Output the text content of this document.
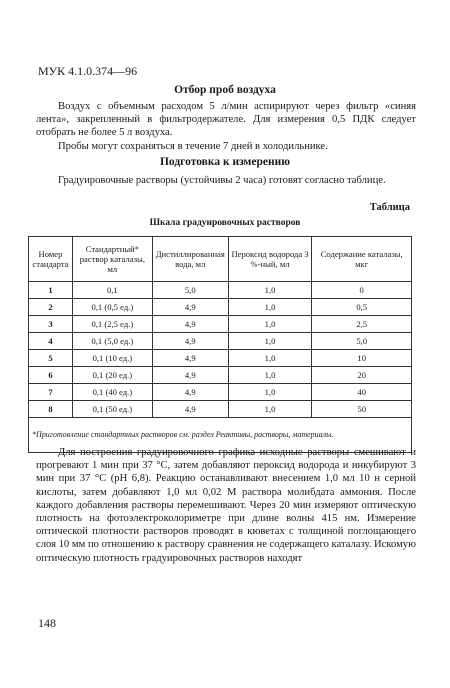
МУК 4.1.0.374—96
Отбор проб воздуха

Воздух с объемным расходом 5 л/мин аспирируют через фильтр «синяя лента», закрепленный в фильтродержателе. Для измерения 0,5 ПДК следует отобрать не более 5 л воздуха.

Пробы могут сохраняться в течение 7 дней в холодильнике.

Подготовка к измерению

Градуировочные растворы (устойчивы 2 часа) готовят согласно таблице.

Таблица
Шкала градуировочных растворов
Номер стандарта	Стандартный* раствор каталазы, мл	Дистиллированная вода, мл	Пероксид водорода 3 %-ный, мл	Содержание каталазы, мкг
1	0,1	5,0	1,0	0
2	0,1 (0,5 ед.)	4,9	1,0	0,5
3	0,1 (2,5 ед.)	4,9	1,0	2,5
4	0,1 (5,0 ед.)	4,9	1,0	5,0
5	0,1 (10 ед.)	4,9	1,0	10
6	0,1 (20 ед.)	4,9	1,0	20
7	0,1 (40 ед.)	4,9	1,0	40
8	0,1 (50 ед.)	4,9	1,0	50
*Приготовление стандартных растворов см. раздел Реактивы, растворы, материалы.				

Для построения градуировочного графика исходные растворы смешивают и прогревают 1 мин при 37 °С, затем добавляют пероксид водорода и инкубируют 3 мин при 37 °С (рН 6,8). Реакцию останавливают внесением 1,0 мл 10 н серной кислоты, затем добавляют 1,0 мл 0,02 М раствора молибдата аммония. После каждого добавления растворы перемешивают. Через 20 мин измеряют оптическую плотность на фотоэлектроколориметре при длине волны 415 нм. Измерение оптической плотности растворов проводят в кюветах с толщиной поглощающего слоя 10 мм по отношению к раствору сравнения не содержащего каталазу. Искомую оптическую плотность градуировочных растворов находят

148
